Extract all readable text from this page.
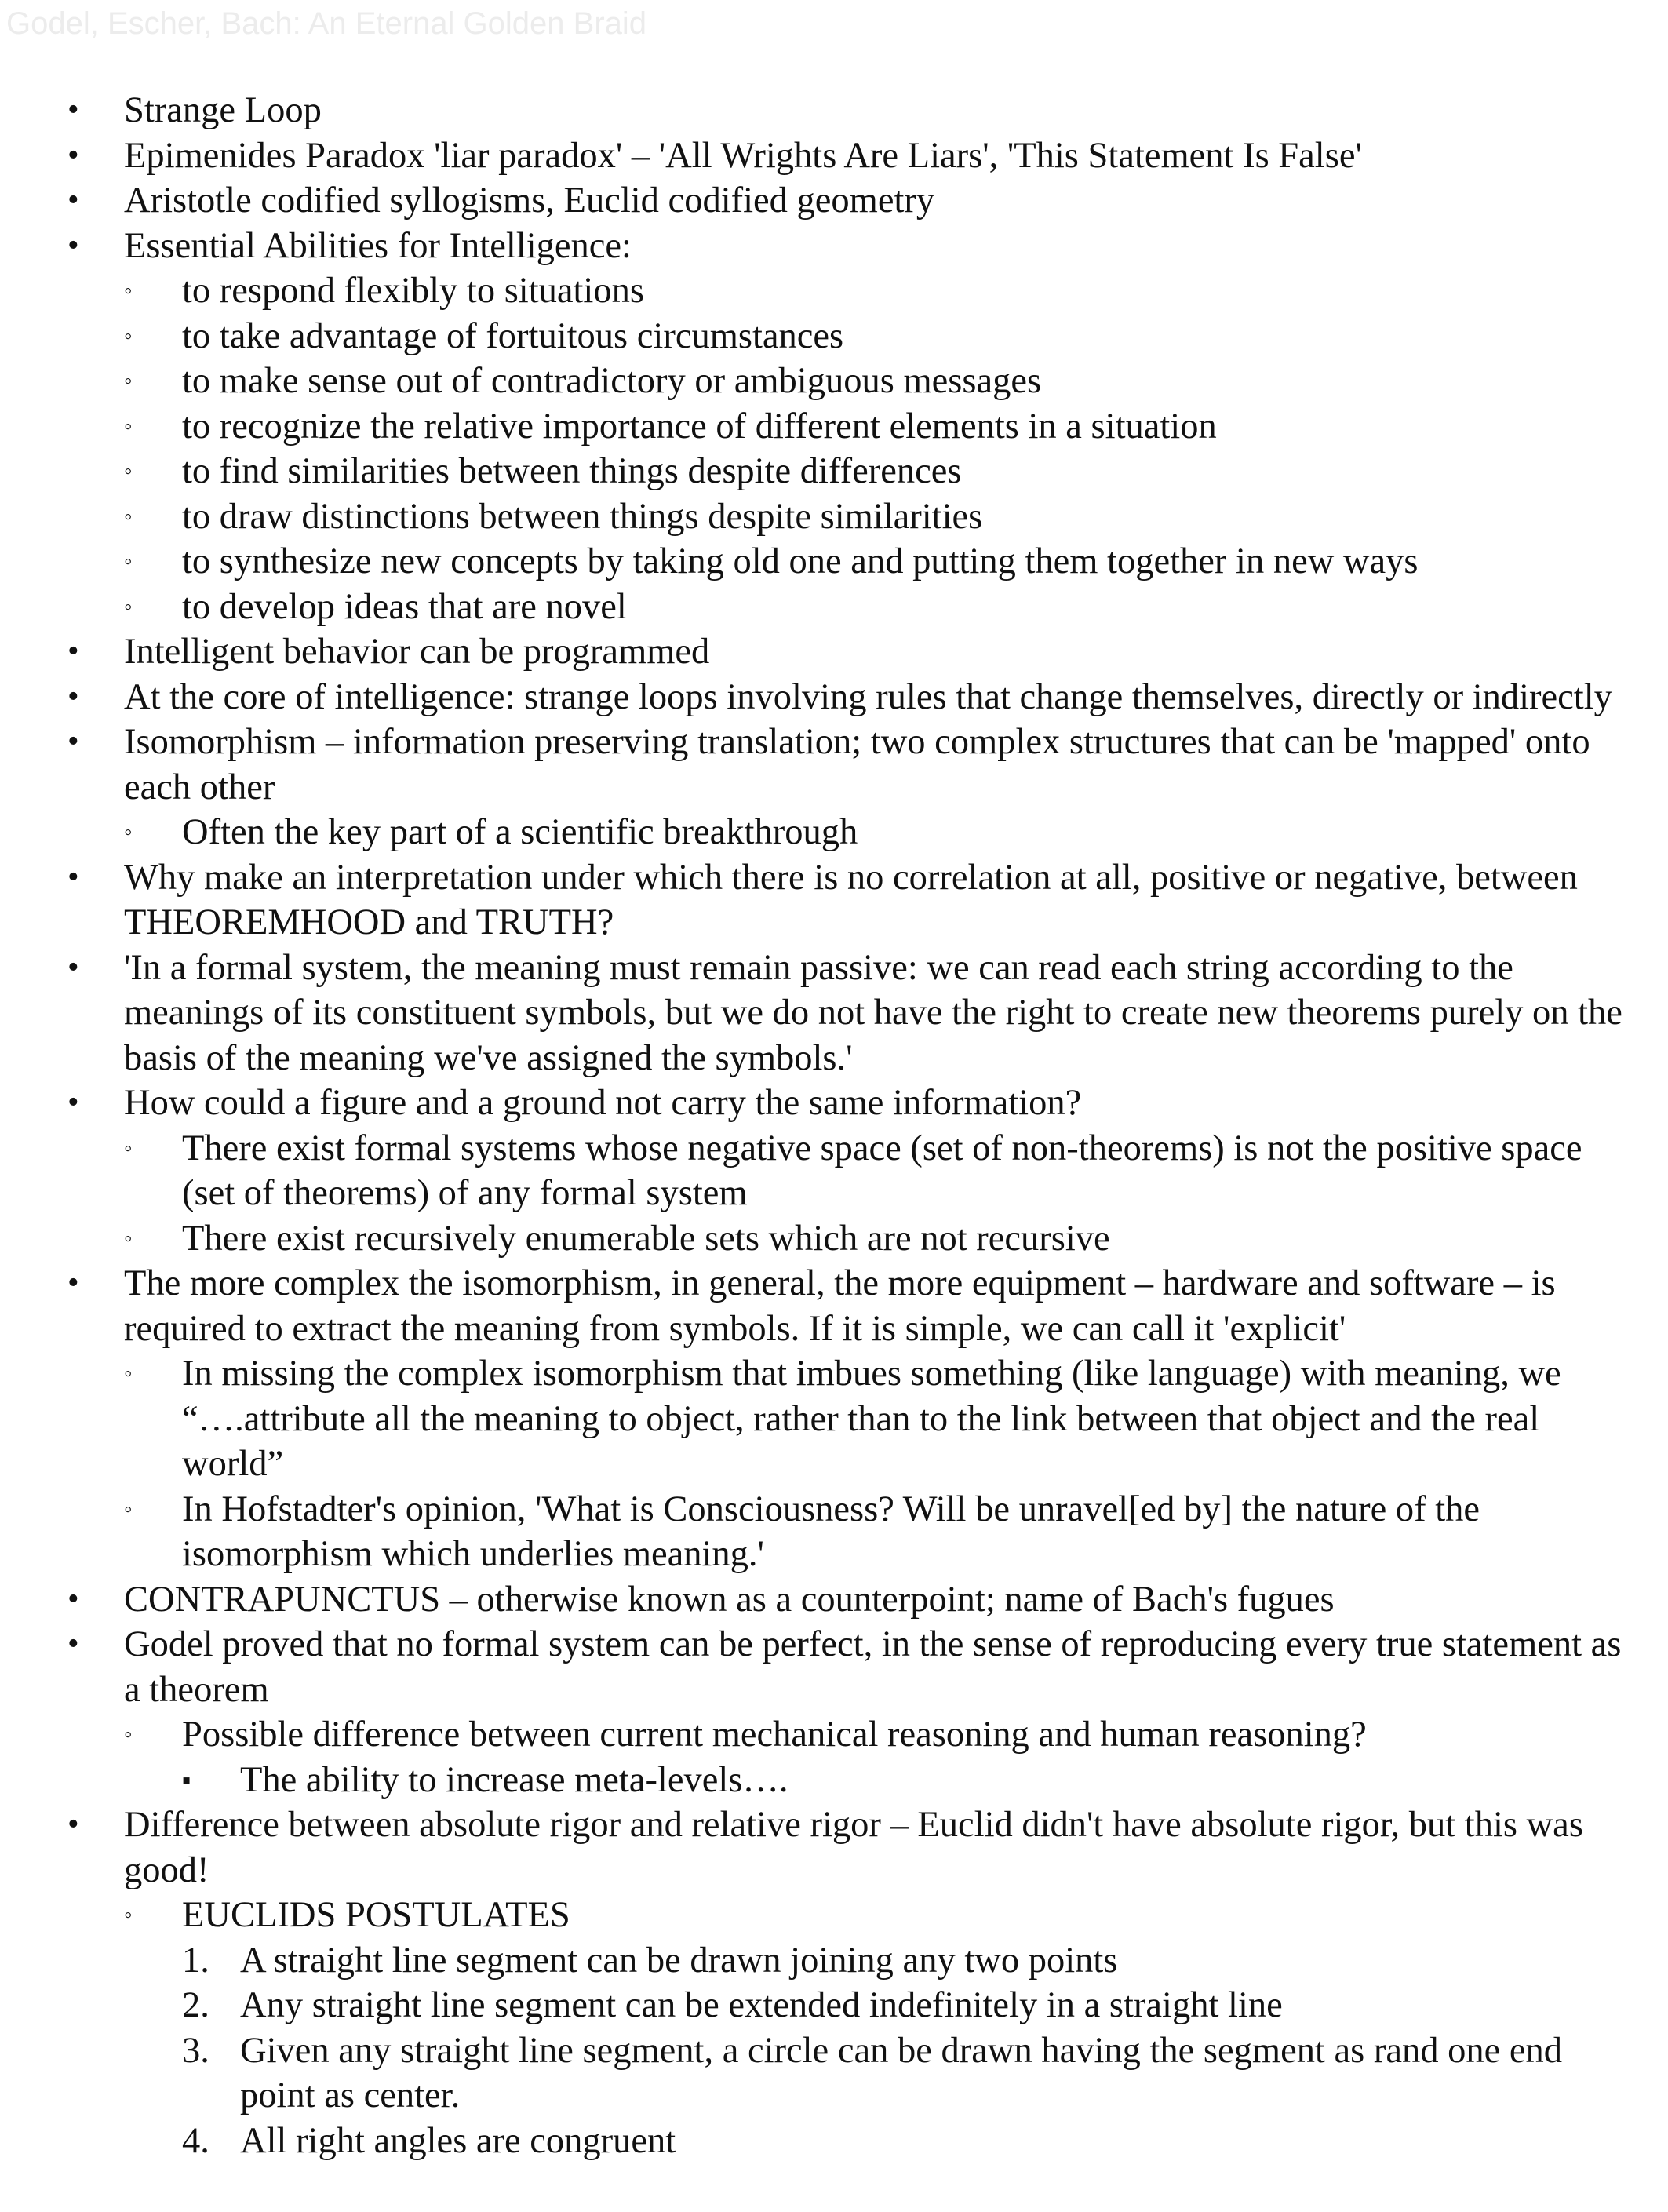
Godel, Escher, Bach: An Eternal Golden Braid
• Strange Loop
• Epimenides Paradox 'liar paradox' – 'All Wrights Are Liars', 'This Statement Is False'
• Aristotle codified syllogisms, Euclid codified geometry
• Essential Abilities for Intelligence:
◦ to respond flexibly to situations
◦ to take advantage of fortuitous circumstances
◦ to make sense out of contradictory or ambiguous messages
◦ to recognize the relative importance of different elements in a situation
◦ to find similarities between things despite differences
◦ to draw distinctions between things despite similarities
◦ to synthesize new concepts by taking old one and putting them together in new ways
◦ to develop ideas that are novel
• Intelligent behavior can be programmed
• At the core of intelligence: strange loops involving rules that change themselves, directly or indirectly
• Isomorphism – information preserving translation; two complex structures that can be 'mapped' onto each other
◦ Often the key part of a scientific breakthrough
• Why make an interpretation under which there is no correlation at all, positive or negative, between THEOREMHOOD and TRUTH?
• 'In a formal system, the meaning must remain passive: we can read each string according to the meanings of its constituent symbols, but we do not have the right to create new theorems purely on the basis of the meaning we've assigned the symbols.'
• How could a figure and a ground not carry the same information?
◦ There exist formal systems whose negative space (set of non-theorems) is not the positive space (set of theorems) of any formal system
◦ There exist recursively enumerable sets which are not recursive
• The more complex the isomorphism, in general, the more equipment – hardware and software – is required to extract the meaning from symbols. If it is simple, we can call it 'explicit'
◦ In missing the complex isomorphism that imbues something (like language) with meaning, we “….attribute all the meaning to object, rather than to the link between that object and the real world”
◦ In Hofstadter's opinion, 'What is Consciousness? Will be unravel[ed by] the nature of the isomorphism which underlies meaning.'
• CONTRAPUNCTUS – otherwise known as a counterpoint; name of Bach's fugues
• Godel proved that no formal system can be perfect, in the sense of reproducing every true statement as a theorem
◦ Possible difference between current mechanical reasoning and human reasoning?
▪ The ability to increase meta-levels….
• Difference between absolute rigor and relative rigor – Euclid didn't have absolute rigor, but this was good!
◦ EUCLIDS POSTULATES
1. A straight line segment can be drawn joining any two points
2. Any straight line segment can be extended indefinitely in a straight line
3. Given any straight line segment, a circle can be drawn having the segment as rand one end point as center.
4. All right angles are congruent
